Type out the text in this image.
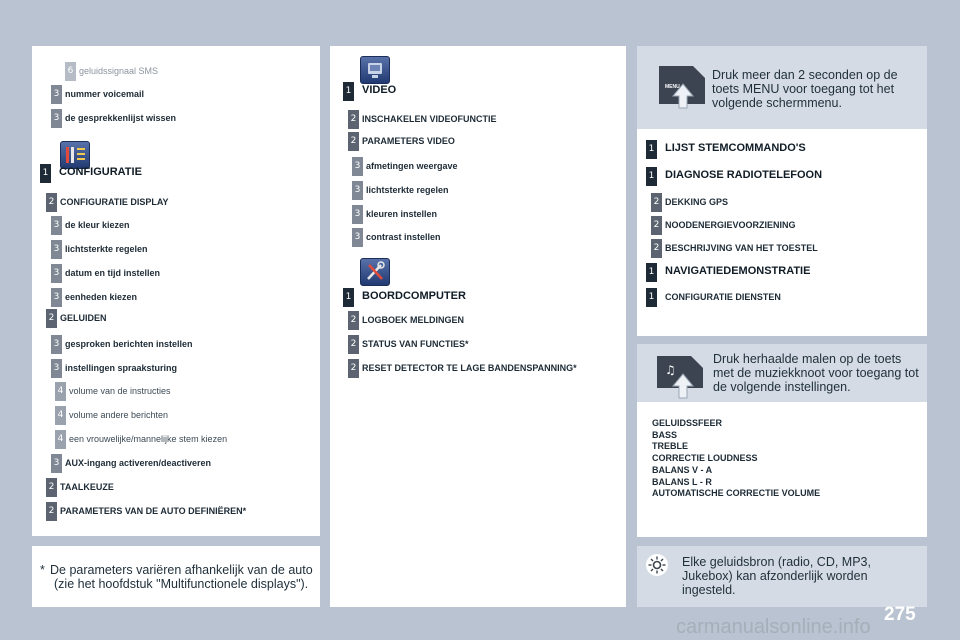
6 geluidssignaal SMS
3 nummer voicemail
3 de gesprekkenlijst wissen
1 CONFIGURATIE
2 CONFIGURATIE DISPLAY
3 de kleur kiezen
3 lichtsterkte regelen
3 datum en tijd instellen
3 eenheden kiezen
2 GELUIDEN
3 gesproken berichten instellen
3 instellingen spraaksturing
4 volume van de instructies
4 volume andere berichten
4 een vrouwelijke/mannelijke stem kiezen
3 AUX-ingang activeren/deactiveren
2 TAALKEUZE
2 PARAMETERS VAN DE AUTO DEFINIËREN*
* De parameters variëren afhankelijk van de auto
(zie het hoofdstuk "Multifunctionele displays").
1 VIDEO
2 INSCHAKELEN VIDEOFUNCTIE
2 PARAMETERS VIDEO
3 afmetingen weergave
3 lichtsterkte regelen
3 kleuren instellen
3 contrast instellen
1 BOORDCOMPUTER
2 LOGBOEK MELDINGEN
2 STATUS VAN FUNCTIES*
2 RESET DETECTOR TE LAGE BANDENSPANNING*
MENU
Druk meer dan 2 seconden op de toets MENU voor toegang tot het volgende schermmenu.
1 LIJST STEMCOMMANDO'S
1 DIAGNOSE RADIOTELEFOON
2 DEKKING GPS
2 NOODENERGIEVOORZIENING
2 BESCHRIJVING VAN HET TOESTEL
1 NAVIGATIEDEMONSTRATIE
1 CONFIGURATIE DIENSTEN
♫
Druk herhaalde malen op de toets met de muziekknoot voor toegang tot de volgende instellingen.
GELUIDSSFEER
BASS
TREBLE
CORRECTIE LOUDNESS
BALANS V - A
BALANS L - R
AUTOMATISCHE CORRECTIE VOLUME
Elke geluidsbron (radio, CD, MP3, Jukebox) kan afzonderlijk worden ingesteld.
275
carmanualsonline.info
